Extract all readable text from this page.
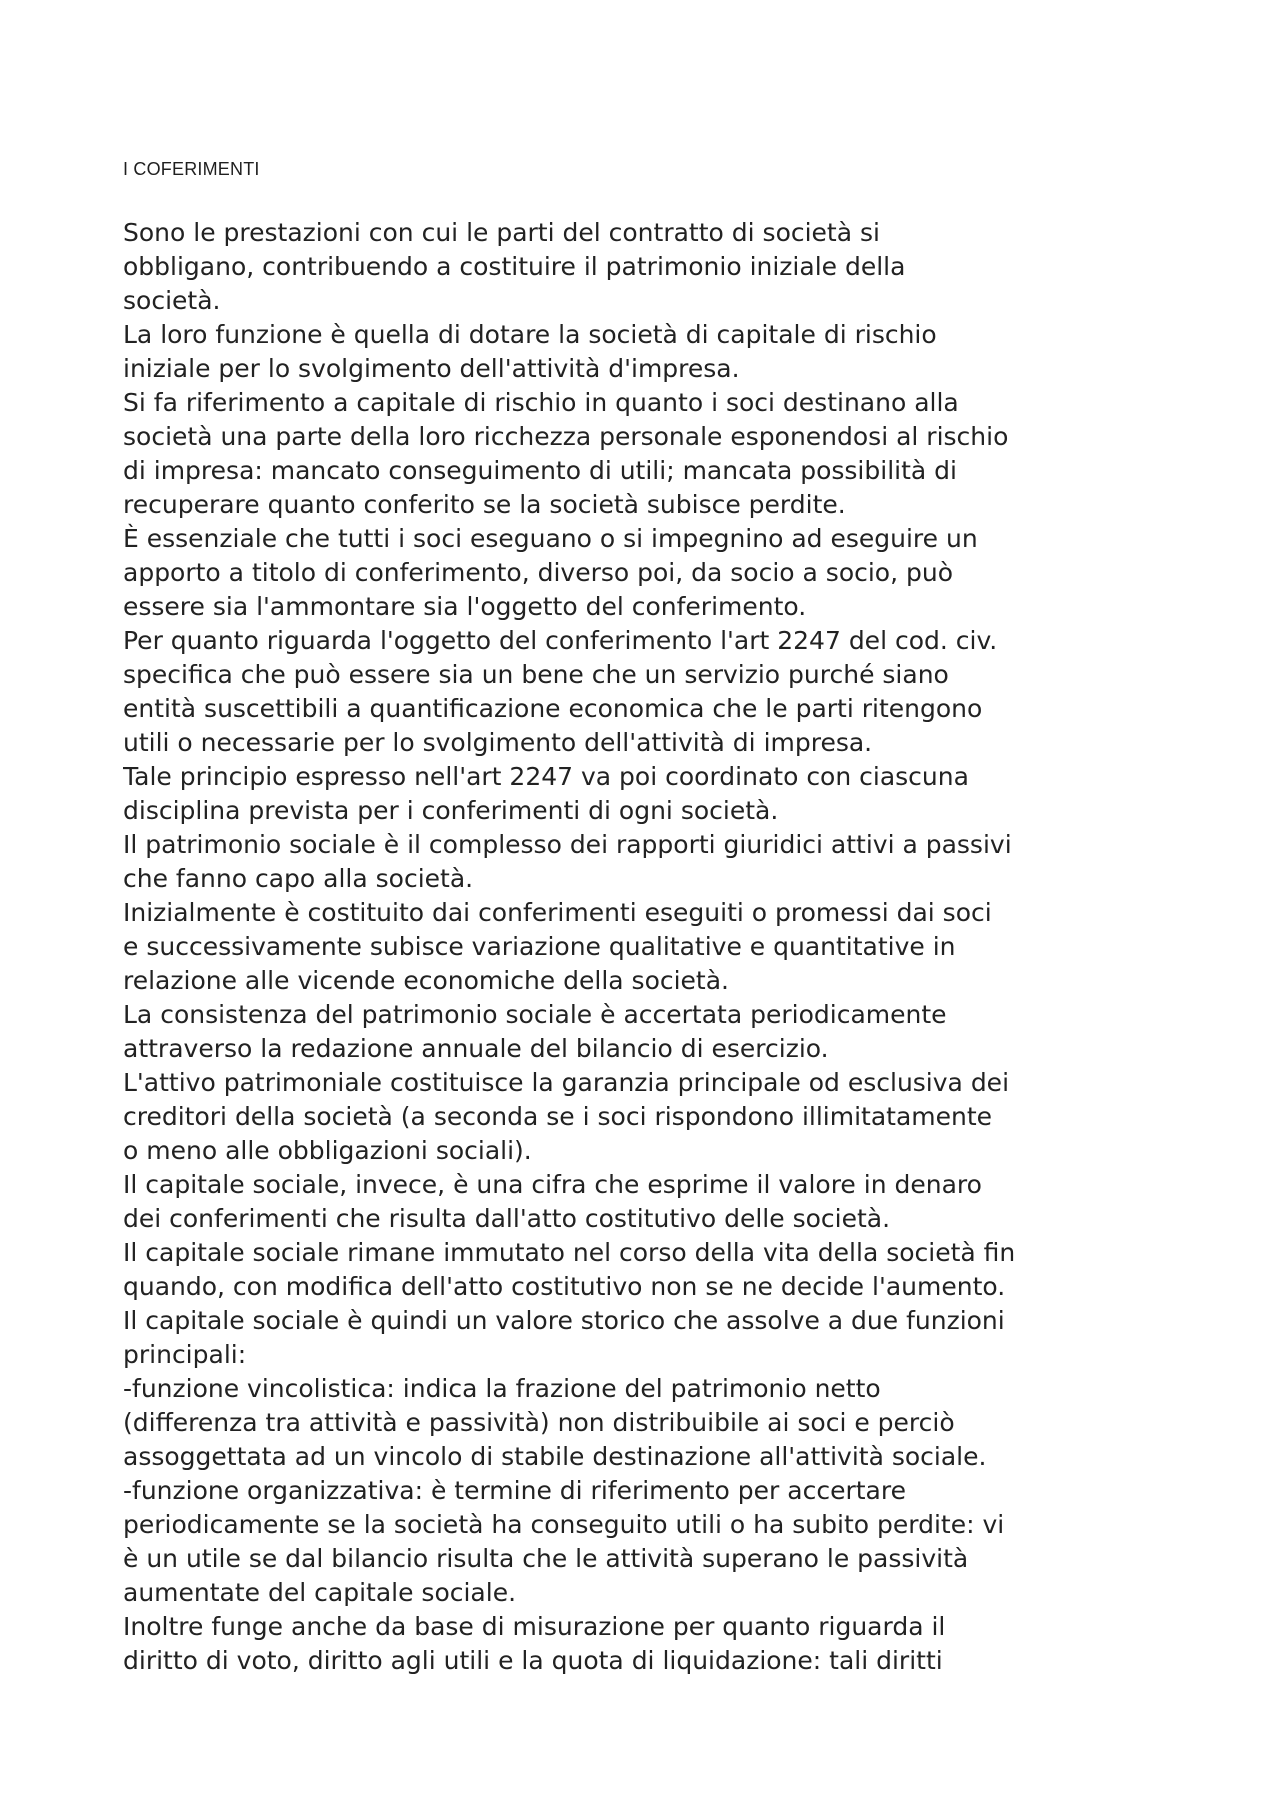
I COFERIMENTI
Sono le prestazioni con cui le parti del contratto di società si
obbligano, contribuendo a costituire il patrimonio iniziale della
società.
La loro funzione è quella di dotare la società di capitale di rischio
iniziale per lo svolgimento dell'attività d'impresa.
Si fa riferimento a capitale di rischio in quanto i soci destinano alla
società una parte della loro ricchezza personale esponendosi al rischio
di impresa: mancato conseguimento di utili; mancata possibilità di
recuperare quanto conferito se la società subisce perdite.
È essenziale che tutti i soci eseguano o si impegnino ad eseguire un
apporto a titolo di conferimento, diverso poi, da socio a socio, può
essere sia l'ammontare sia l'oggetto del conferimento.
Per quanto riguarda l'oggetto del conferimento l'art 2247 del cod. civ.
specifica che può essere sia un bene che un servizio purché siano
entità suscettibili a quantificazione economica che le parti ritengono
utili o necessarie per lo svolgimento dell'attività di impresa.
Tale principio espresso nell'art 2247 va poi coordinato con ciascuna
disciplina prevista per i conferimenti di ogni società.
Il patrimonio sociale è il complesso dei rapporti giuridici attivi a passivi
che fanno capo alla società.
Inizialmente è costituito dai conferimenti eseguiti o promessi dai soci
e successivamente subisce variazione qualitative e quantitative in
relazione alle vicende economiche della società.
La consistenza del patrimonio sociale è accertata periodicamente
attraverso la redazione annuale del bilancio di esercizio.
L'attivo patrimoniale costituisce la garanzia principale od esclusiva dei
creditori della società (a seconda se i soci rispondono illimitatamente
o meno alle obbligazioni sociali).
Il capitale sociale, invece, è una cifra che esprime il valore in denaro
dei conferimenti che risulta dall'atto costitutivo delle società.
Il capitale sociale rimane immutato nel corso della vita della società fin
quando, con modifica dell'atto costitutivo non se ne decide l'aumento.
Il capitale sociale è quindi un valore storico che assolve a due funzioni
principali:
-funzione vincolistica: indica la frazione del patrimonio netto
(differenza tra attività e passività) non distribuibile ai soci e perciò
assoggettata ad un vincolo di stabile destinazione all'attività sociale.
-funzione organizzativa: è termine di riferimento per accertare
periodicamente se la società ha conseguito utili o ha subito perdite: vi
è un utile se dal bilancio risulta che le attività superano le passività
aumentate del capitale sociale.
Inoltre funge anche da base di misurazione per quanto riguarda il
diritto di voto, diritto agli utili e la quota di liquidazione: tali diritti
